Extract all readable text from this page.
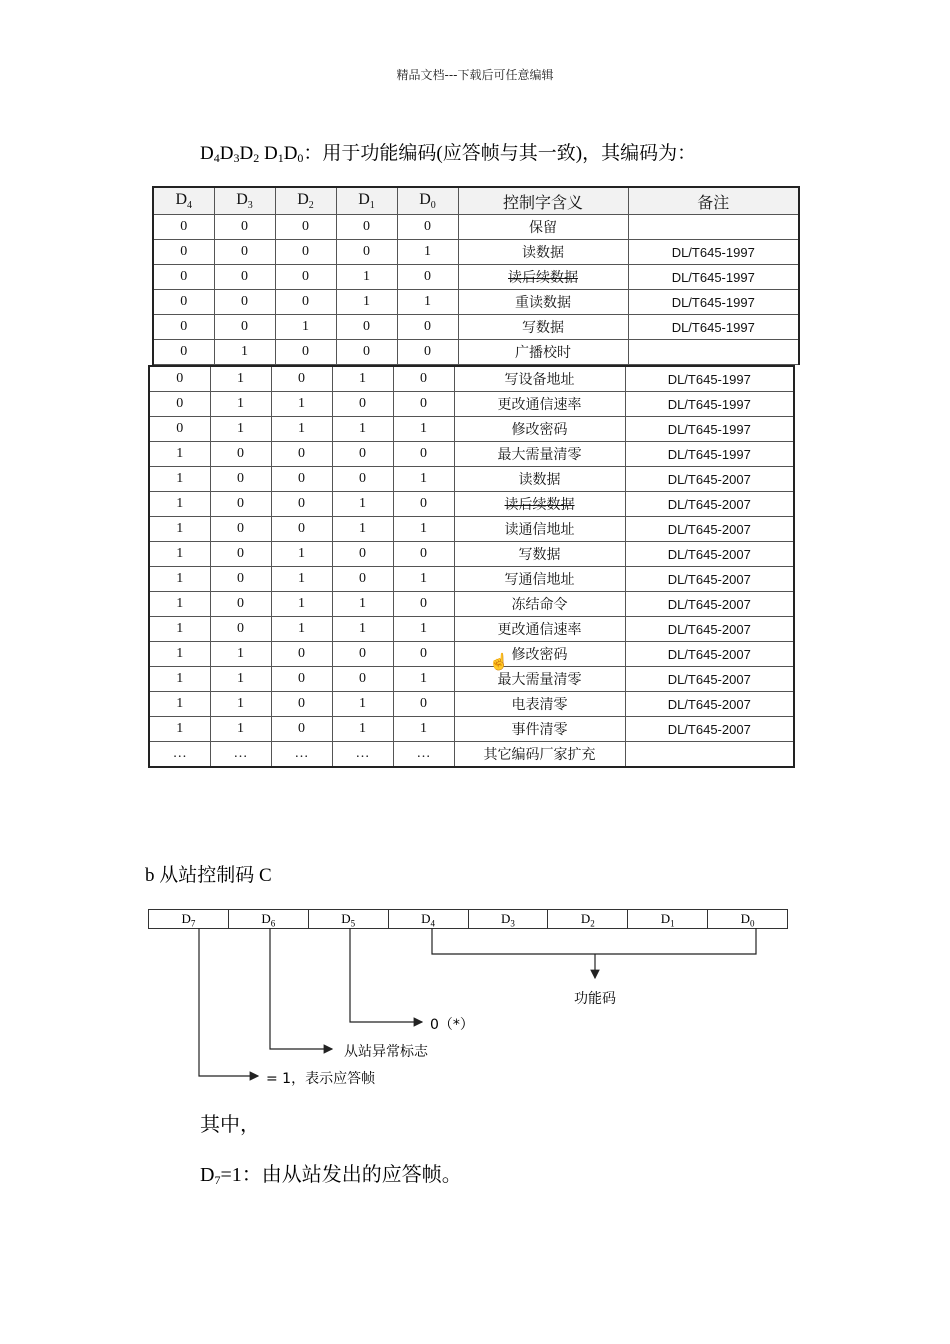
精品文档---下载后可任意编辑
$D_4D_3D_2$ $D_1D_0$：用于功能编码(应答帧与其一致)，其编码为：
$D_4$	$D_3$	$D_2$	$D_1$	$D_0$	控制字含义	备注
0	0	0	0	0	保留	
0	0	0	0	1	读数据	DL/T645-1997
0	0	0	1	0	读后续数据	DL/T645-1997
0	0	0	1	1	重读数据	DL/T645-1997
0	0	1	0	0	写数据	DL/T645-1997
0	1	0	0	0	广播校时	
0	1	0	1	0	写设备地址	DL/T645-1997
0	1	1	0	0	更改通信速率	DL/T645-1997
0	1	1	1	1	修改密码	DL/T645-1997
1	0	0	0	0	最大需量清零	DL/T645-1997
1	0	0	0	1	读数据	DL/T645-2007
1	0	0	1	0	读后续数据	DL/T645-2007
1	0	0	1	1	读通信地址	DL/T645-2007
1	0	1	0	0	写数据	DL/T645-2007
1	0	1	0	1	写通信地址	DL/T645-2007
1	0	1	1	0	冻结命令	DL/T645-2007
1	0	1	1	1	更改通信速率	DL/T645-2007
1	1	0	0	0	修改密码	DL/T645-2007
1	1	0	0	1	最大需量清零	DL/T645-2007
1	1	0	1	0	电表清零	DL/T645-2007
1	1	0	1	1	事件清零	DL/T645-2007
…	…	…	…	…	其它编码厂家扩充	
☝
b 从站控制码 C
$D_7$	$D_6$	$D_5$	$D_4$	$D_3$	$D_2$	$D_1$	$D_0$
功能码
0（*）
从站异常标志
= 1，表示应答帧
其中，
$D_7=1$：由从站发出的应答帧。
